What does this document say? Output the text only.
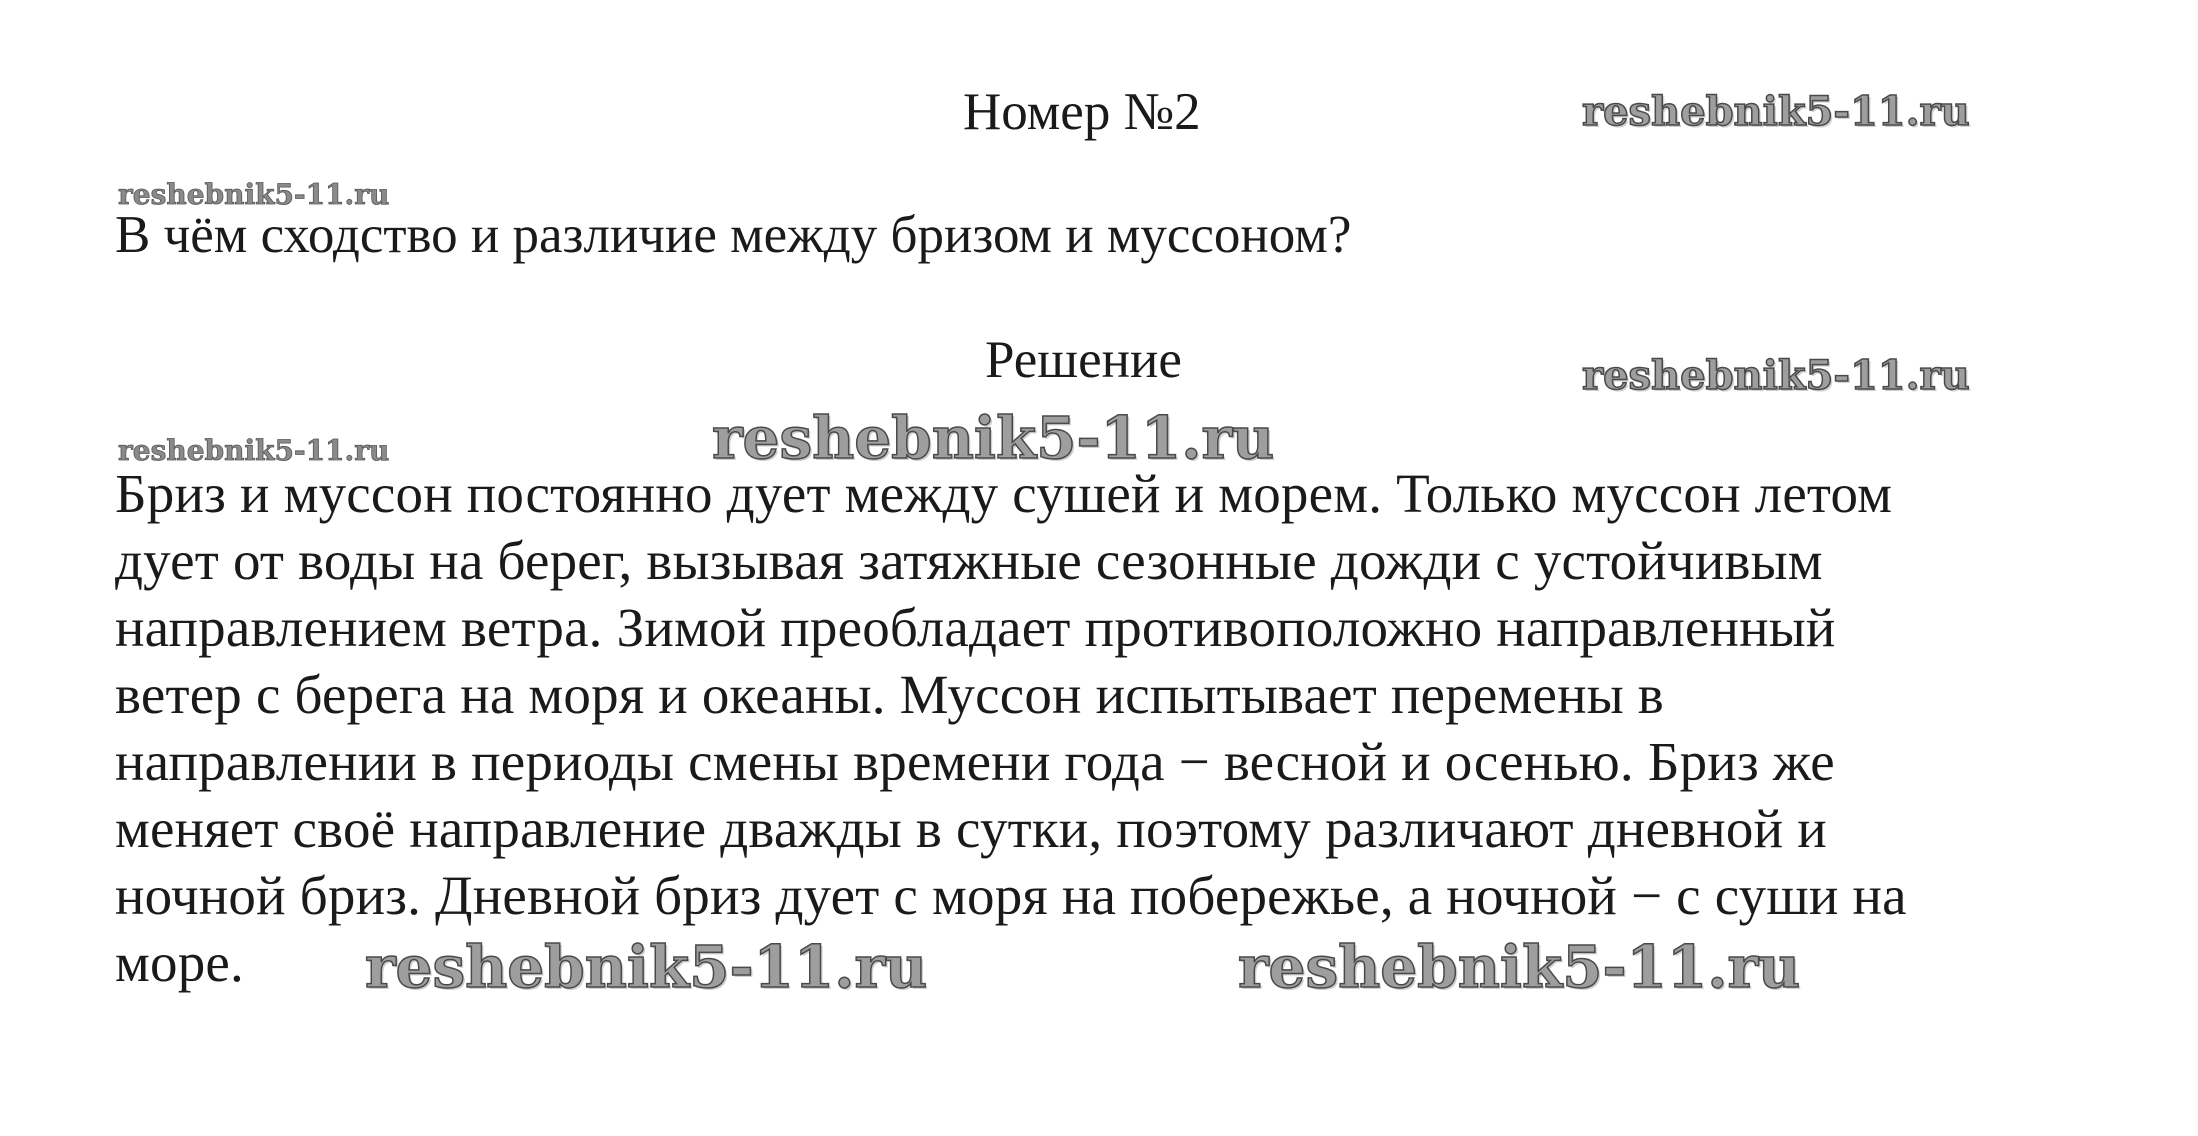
Номер №2
В чём сходство и различие между бризом и муссоном?
Решение
Бриз и муссон постоянно дует между сушей и морем. Только муссон летом
дует от воды на берег, вызывая затяжные сезонные дожди с устойчивым
направлением ветра. Зимой преобладает противоположно направленный
ветер с берега на моря и океаны. Муссон испытывает перемены в
направлении в периоды смены времени года − весной и осенью. Бриз же
меняет своё направление дважды в сутки, поэтому различают дневной и
ночной бриз. Дневной бриз дует с моря на побережье, а ночной − с суши на
море.
reshebnik5-11.ru
reshebnik5-11.ru
reshebnik5-11.ru
reshebnik5-11.ru	reshebnik5-11.ru
reshebnik5-11.ru	reshebnik5-11.ru
